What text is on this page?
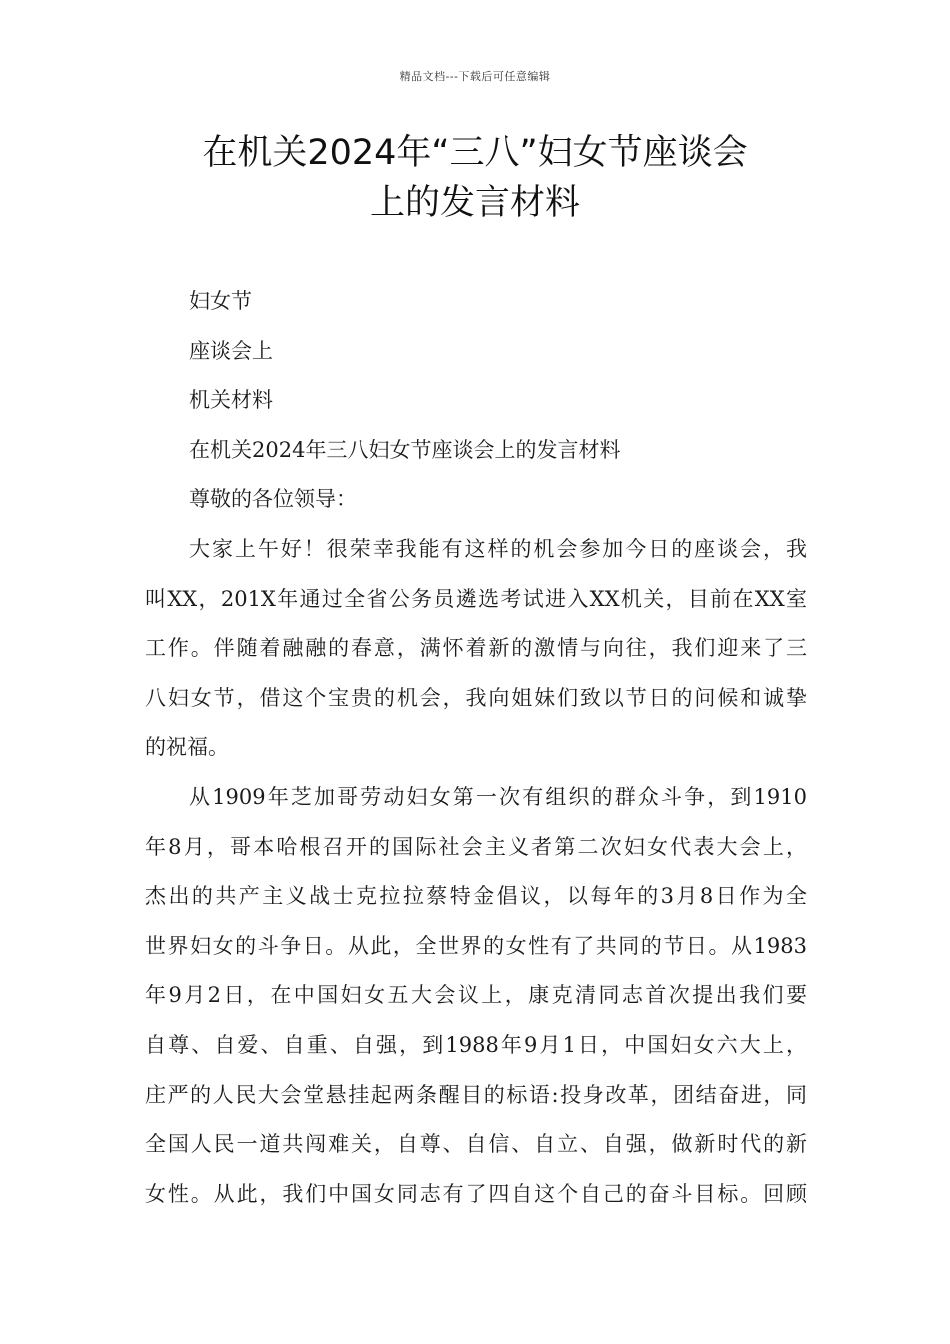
精品文档---下载后可任意编辑
在机关2024年“三八”妇女节座谈会
上的发言材料
妇女节
座谈会上
机关材料
在机关2024年三八妇女节座谈会上的发言材料
尊敬的各位领导：
大家上午好！很荣幸我能有这样的机会参加今日的座谈会，我
叫XX，201X年通过全省公务员遴选考试进入XX机关，目前在XX室
工作。伴随着融融的春意，满怀着新的激情与向往，我们迎来了三
八妇女节，借这个宝贵的机会，我向姐妹们致以节日的问候和诚挚
的祝福。
从1909年芝加哥劳动妇女第一次有组织的群众斗争，到1910
年8月，哥本哈根召开的国际社会主义者第二次妇女代表大会上，
杰出的共产主义战士克拉拉蔡特金倡议，以每年的3月8日作为全
世界妇女的斗争日。从此，全世界的女性有了共同的节日。从1983
年9月2日，在中国妇女五大会议上，康克清同志首次提出我们要
自尊、自爱、自重、自强，到1988年9月1日，中国妇女六大上，
庄严的人民大会堂悬挂起两条醒目的标语:投身改革，团结奋进，同
全国人民一道共闯难关，自尊、自信、自立、自强，做新时代的新
女性。从此，我们中国女同志有了四自这个自己的奋斗目标。回顾
